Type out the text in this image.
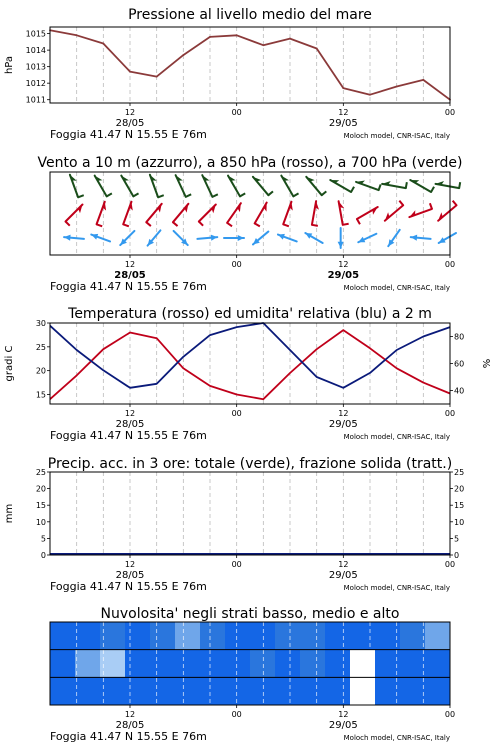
Pressione al livello medio del mare
12
28/05
00	12
29/05
00
Foggia 41.47 N 15.55 E 76m	Moloch model, CNR-ISAC, Italy
1011
1012
1013
1014
1015
hPa
Vento a 10 m (azzurro), a 850 hPa (rosso), a 700 hPa (verde)
12
28/05
00	12
29/05
00
Foggia 41.47 N 15.55 E 76m	Moloch model, CNR-ISAC, Italy
Temperatura (rosso) ed umidita' relativa (blu) a 2 m
12
28/05
00	12
29/05
00
Foggia 41.47 N 15.55 E 76m	Moloch model, CNR-ISAC, Italy
15
20
25
30
40
60
80
gradi C	%
Precip. acc. in 3 ore: totale (verde), frazione solida (tratt.)
12
28/05
00	12
29/05
00
Foggia 41.47 N 15.55 E 76m	Moloch model, CNR-ISAC, Italy
0
5
10
15
20
25
0
5
10
15
20
25
mm
Nuvolosita' negli strati basso, medio e alto
12
28/05
00	12
29/05
00
Foggia 41.47 N 15.55 E 76m	Moloch model, CNR-ISAC, Italy
